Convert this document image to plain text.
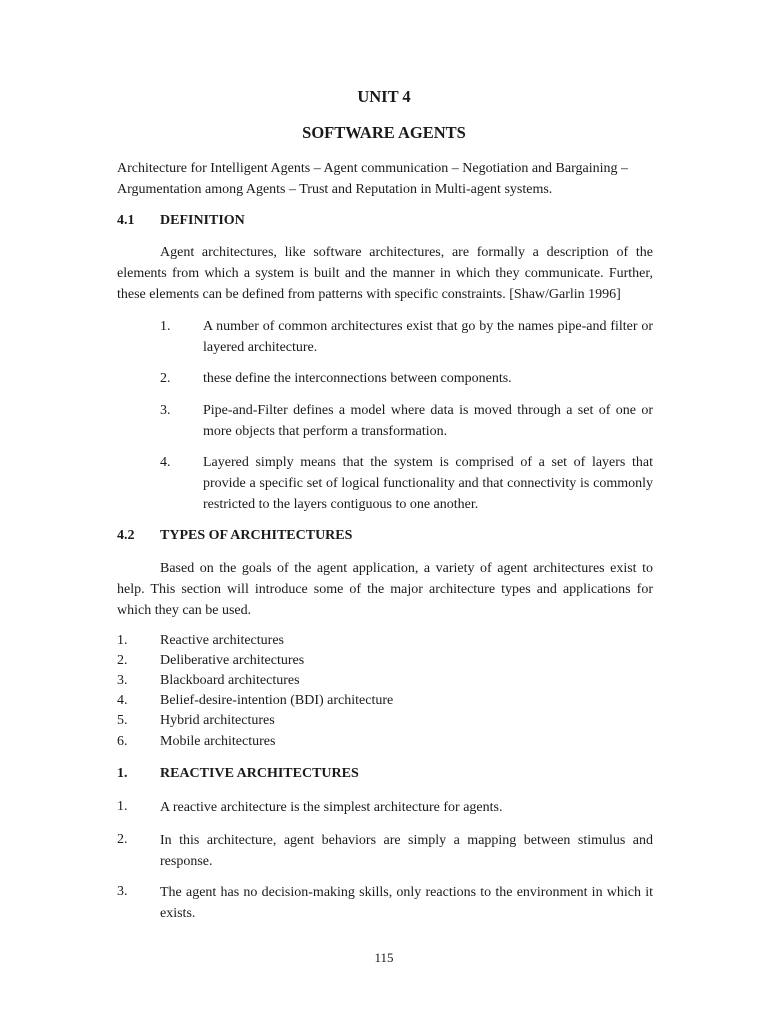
UNIT 4

SOFTWARE AGENTS

Architecture for Intelligent Agents – Agent communication – Negotiation and Bargaining – Argumentation among Agents – Trust and Reputation in Multi-agent systems.

4.1 DEFINITION

Agent architectures, like software architectures, are formally a description of the elements from which a system is built and the manner in which they communicate. Further, these elements can be defined from patterns with specific constraints. [Shaw/Garlin 1996]

1. A number of common architectures exist that go by the names pipe-and filter or layered architecture.

2. these define the interconnections between components.

3. Pipe-and-Filter defines a model where data is moved through a set of one or more objects that perform a transformation.

4. Layered simply means that the system is comprised of a set of layers that provide a specific set of logical functionality and that connectivity is commonly restricted to the layers contiguous to one another.

4.2 TYPES OF ARCHITECTURES

Based on the goals of the agent application, a variety of agent architectures exist to help. This section will introduce some of the major architecture types and applications for which they can be used.

1. Reactive architectures

2. Deliberative architectures

3. Blackboard architectures

4. Belief-desire-intention (BDI) architecture

5. Hybrid architectures

6. Mobile architectures

1. REACTIVE ARCHITECTURES

1. A reactive architecture is the simplest architecture for agents.

2. In this architecture, agent behaviors are simply a mapping between stimulus and response.

3. The agent has no decision-making skills, only reactions to the environment in which it exists.

115
